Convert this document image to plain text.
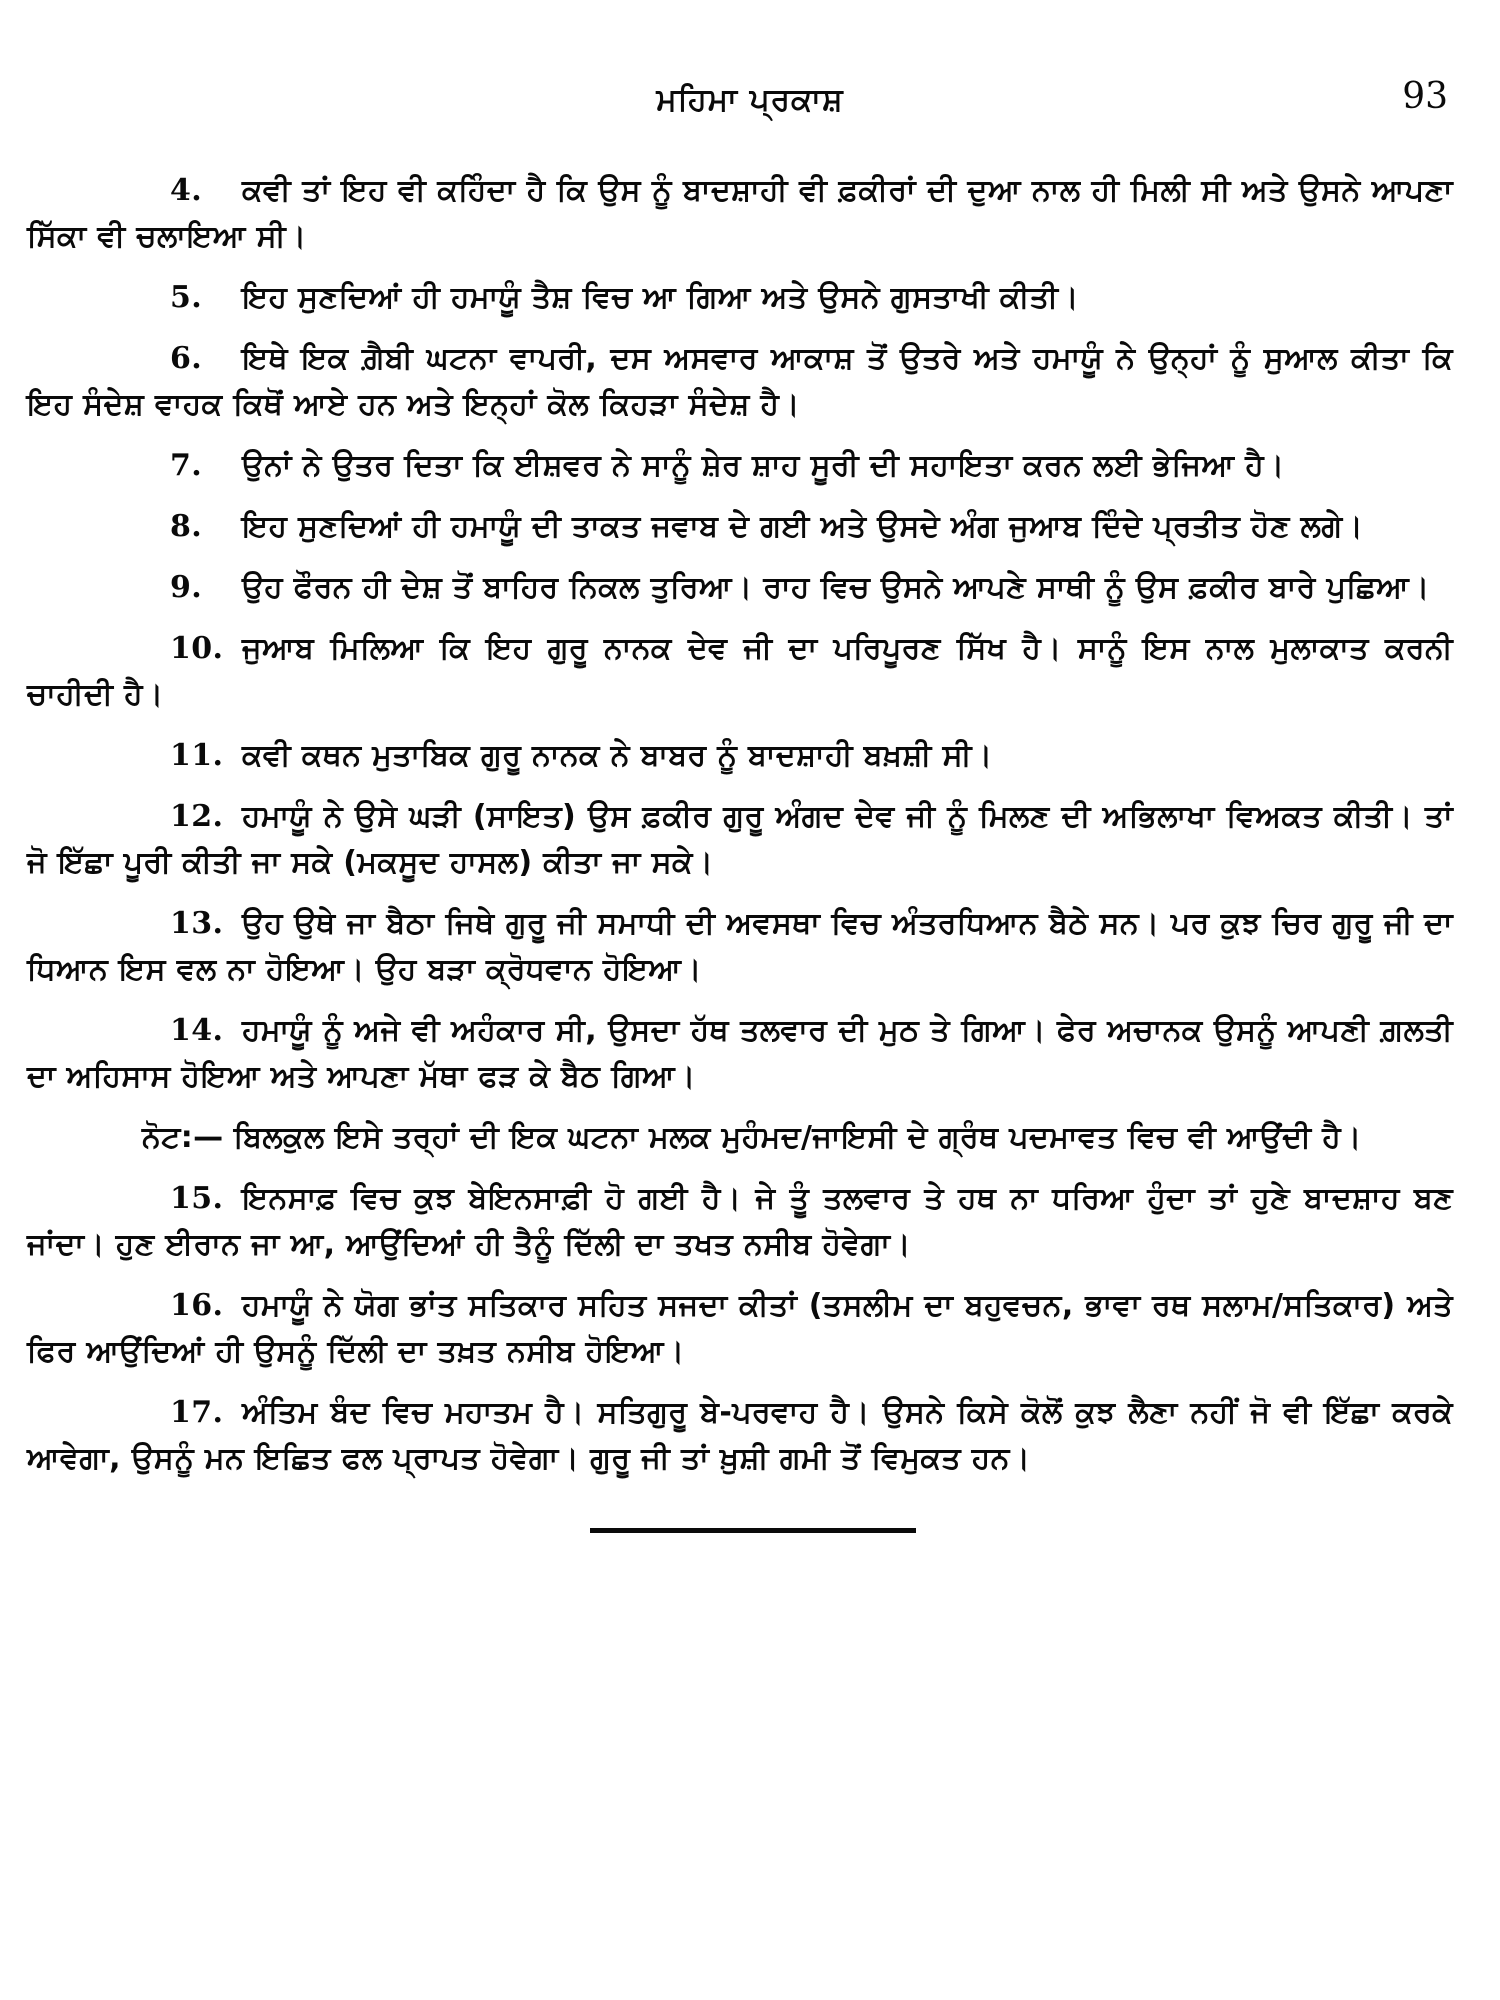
ਮਹਿਮਾ ਪ੍ਰਕਾਸ਼	93

4. ਕਵੀ ਤਾਂ ਇਹ ਵੀ ਕਹਿੰਦਾ ਹੈ ਕਿ ਉਸ ਨੂੰ ਬਾਦਸ਼ਾਹੀ ਵੀ ਫ਼ਕੀਰਾਂ ਦੀ ਦੁਆ ਨਾਲ ਹੀ ਮਿਲੀ ਸੀ ਅਤੇ ਉਸਨੇ ਆਪਣਾ ਸਿੱਕਾ ਵੀ ਚਲਾਇਆ ਸੀ।

5. ਇਹ ਸੁਣਦਿਆਂ ਹੀ ਹਮਾਯੂੰ ਤੈਸ਼ ਵਿਚ ਆ ਗਿਆ ਅਤੇ ਉਸਨੇ ਗੁਸਤਾਖੀ ਕੀਤੀ।

6. ਇਥੇ ਇਕ ਗ਼ੈਬੀ ਘਟਨਾ ਵਾਪਰੀ, ਦਸ ਅਸਵਾਰ ਆਕਾਸ਼ ਤੋਂ ਉਤਰੇ ਅਤੇ ਹਮਾਯੂੰ ਨੇ ਉਨ੍ਹਾਂ ਨੂੰ ਸੁਆਲ ਕੀਤਾ ਕਿ ਇਹ ਸੰਦੇਸ਼ ਵਾਹਕ ਕਿਥੋਂ ਆਏ ਹਨ ਅਤੇ ਇਨ੍ਹਾਂ ਕੋਲ ਕਿਹੜਾ ਸੰਦੇਸ਼ ਹੈ।

7. ਉਨਾਂ ਨੇ ਉਤਰ ਦਿਤਾ ਕਿ ਈਸ਼ਵਰ ਨੇ ਸਾਨੂੰ ਸ਼ੇਰ ਸ਼ਾਹ ਸੂਰੀ ਦੀ ਸਹਾਇਤਾ ਕਰਨ ਲਈ ਭੇਜਿਆ ਹੈ।

8. ਇਹ ਸੁਣਦਿਆਂ ਹੀ ਹਮਾਯੂੰ ਦੀ ਤਾਕਤ ਜਵਾਬ ਦੇ ਗਈ ਅਤੇ ਉਸਦੇ ਅੰਗ ਜੁਆਬ ਦਿੰਦੇ ਪ੍ਰਤੀਤ ਹੋਣ ਲਗੇ।

9. ਉਹ ਫੌਰਨ ਹੀ ਦੇਸ਼ ਤੋਂ ਬਾਹਿਰ ਨਿਕਲ ਤੁਰਿਆ। ਰਾਹ ਵਿਚ ਉਸਨੇ ਆਪਣੇ ਸਾਥੀ ਨੂੰ ਉਸ ਫ਼ਕੀਰ ਬਾਰੇ ਪੁਛਿਆ।

10. ਜੁਆਬ ਮਿਲਿਆ ਕਿ ਇਹ ਗੁਰੂ ਨਾਨਕ ਦੇਵ ਜੀ ਦਾ ਪਰਿਪੂਰਣ ਸਿੱਖ ਹੈ। ਸਾਨੂੰ ਇਸ ਨਾਲ ਮੁਲਾਕਾਤ ਕਰਨੀ ਚਾਹੀਦੀ ਹੈ।

11. ਕਵੀ ਕਥਨ ਮੁਤਾਬਿਕ ਗੁਰੂ ਨਾਨਕ ਨੇ ਬਾਬਰ ਨੂੰ ਬਾਦਸ਼ਾਹੀ ਬਖ਼ਸ਼ੀ ਸੀ।

12. ਹਮਾਯੂੰ ਨੇ ਉਸੇ ਘੜੀ (ਸਾਇਤ) ਉਸ ਫ਼ਕੀਰ ਗੁਰੂ ਅੰਗਦ ਦੇਵ ਜੀ ਨੂੰ ਮਿਲਣ ਦੀ ਅਭਿਲਾਖਾ ਵਿਅਕਤ ਕੀਤੀ। ਤਾਂ ਜੋ ਇੱਛਾ ਪੂਰੀ ਕੀਤੀ ਜਾ ਸਕੇ (ਮਕਸੂਦ ਹਾਸਲ) ਕੀਤਾ ਜਾ ਸਕੇ।

13. ਉਹ ਉਥੇ ਜਾ ਬੈਠਾ ਜਿਥੇ ਗੁਰੂ ਜੀ ਸਮਾਧੀ ਦੀ ਅਵਸਥਾ ਵਿਚ ਅੰਤਰਧਿਆਨ ਬੈਠੇ ਸਨ। ਪਰ ਕੁਝ ਚਿਰ ਗੁਰੂ ਜੀ ਦਾ ਧਿਆਨ ਇਸ ਵਲ ਨਾ ਹੋਇਆ। ਉਹ ਬੜਾ ਕ੍ਰੋਧਵਾਨ ਹੋਇਆ।

14. ਹਮਾਯੂੰ ਨੂੰ ਅਜੇ ਵੀ ਅਹੰਕਾਰ ਸੀ, ਉਸਦਾ ਹੱਥ ਤਲਵਾਰ ਦੀ ਮੁਠ ਤੇ ਗਿਆ। ਫੇਰ ਅਚਾਨਕ ਉਸਨੂੰ ਆਪਣੀ ਗ਼ਲਤੀ ਦਾ ਅਹਿਸਾਸ ਹੋਇਆ ਅਤੇ ਆਪਣਾ ਮੱਥਾ ਫੜ ਕੇ ਬੈਠ ਗਿਆ।

ਨੋਟ:— ਬਿਲਕੁਲ ਇਸੇ ਤਰ੍ਹਾਂ ਦੀ ਇਕ ਘਟਨਾ ਮਲਕ ਮੁਹੰਮਦ/ਜਾਇਸੀ ਦੇ ਗ੍ਰੰਥ ਪਦਮਾਵਤ ਵਿਚ ਵੀ ਆਉਂਦੀ ਹੈ।

15. ਇਨਸਾਫ਼ ਵਿਚ ਕੁਝ ਬੇਇਨਸਾਫ਼ੀ ਹੋ ਗਈ ਹੈ। ਜੇ ਤੂੰ ਤਲਵਾਰ ਤੇ ਹਥ ਨਾ ਧਰਿਆ ਹੁੰਦਾ ਤਾਂ ਹੁਣੇ ਬਾਦਸ਼ਾਹ ਬਣ ਜਾਂਦਾ। ਹੁਣ ਈਰਾਨ ਜਾ ਆ, ਆਉਂਦਿਆਂ ਹੀ ਤੈਨੂੰ ਦਿੱਲੀ ਦਾ ਤਖਤ ਨਸੀਬ ਹੋਵੇਗਾ।

16. ਹਮਾਯੂੰ ਨੇ ਯੋਗ ਭਾਂਤ ਸਤਿਕਾਰ ਸਹਿਤ ਸਜਦਾ ਕੀਤਾਂ (ਤਸਲੀਮ ਦਾ ਬਹੁਵਚਨ, ਭਾਵਾ ਰਥ ਸਲਾਮ/ਸਤਿਕਾਰ) ਅਤੇ ਫਿਰ ਆਉਂਦਿਆਂ ਹੀ ਉਸਨੂੰ ਦਿੱਲੀ ਦਾ ਤਖ਼ਤ ਨਸੀਬ ਹੋਇਆ।

17. ਅੰਤਿਮ ਬੰਦ ਵਿਚ ਮਹਾਤਮ ਹੈ। ਸਤਿਗੁਰੂ ਬੇ-ਪਰਵਾਹ ਹੈ। ਉਸਨੇ ਕਿਸੇ ਕੋਲੋਂ ਕੁਝ ਲੈਣਾ ਨਹੀਂ ਜੋ ਵੀ ਇੱਛਾ ਕਰਕੇ ਆਵੇਗਾ, ਉਸਨੂੰ ਮਨ ਇਛਿਤ ਫਲ ਪ੍ਰਾਪਤ ਹੋਵੇਗਾ। ਗੁਰੂ ਜੀ ਤਾਂ ਖ਼ੁਸ਼ੀ ਗਮੀ ਤੋਂ ਵਿਮੁਕਤ ਹਨ।
